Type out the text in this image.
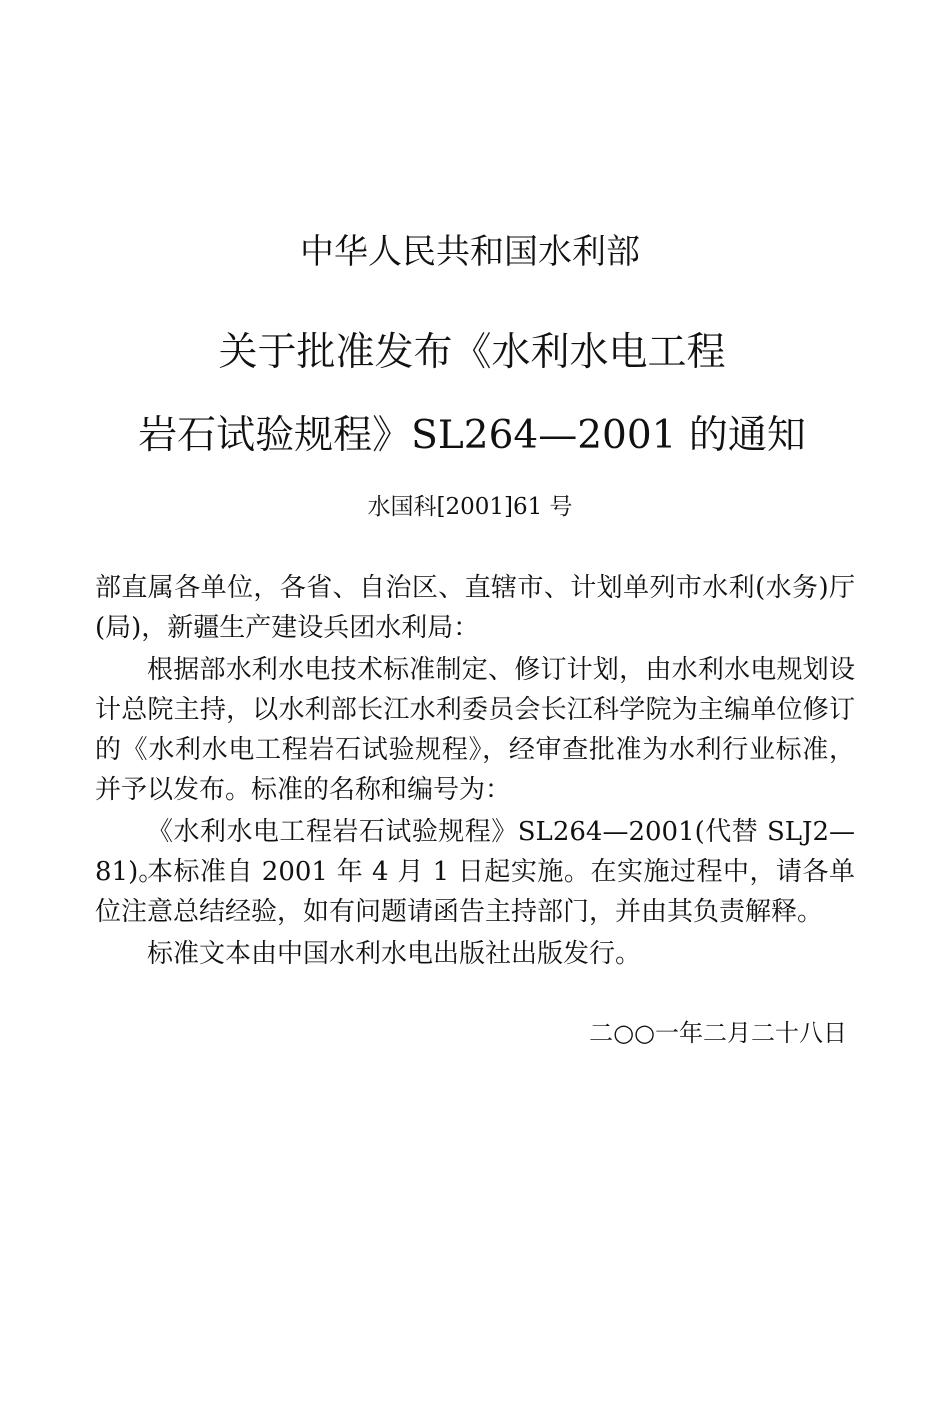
中华人民共和国水利部
关于批准发布《水利水电工程
岩石试验规程》SL264—2001 的通知
水国科[2001]61 号

部直属各单位，各省、自治区、直辖市、计划单列市水利(水务)厅(局)，新疆生产建设兵团水利局：

根据部水利水电技术标准制定、修订计划，由水利水电规划设计总院主持，以水利部长江水利委员会长江科学院为主编单位修订的《水利水电工程岩石试验规程》，经审查批准为水利行业标准，并予以发布。标准的名称和编号为：

《水利水电工程岩石试验规程》SL264—2001(代替 SLJ2—81)。

本标准自 2001 年 4 月 1 日起实施。在实施过程中，请各单位注意总结经验，如有问题请函告主持部门，并由其负责解释。

标准文本由中国水利水电出版社出版发行。

二○○一年二月二十八日
